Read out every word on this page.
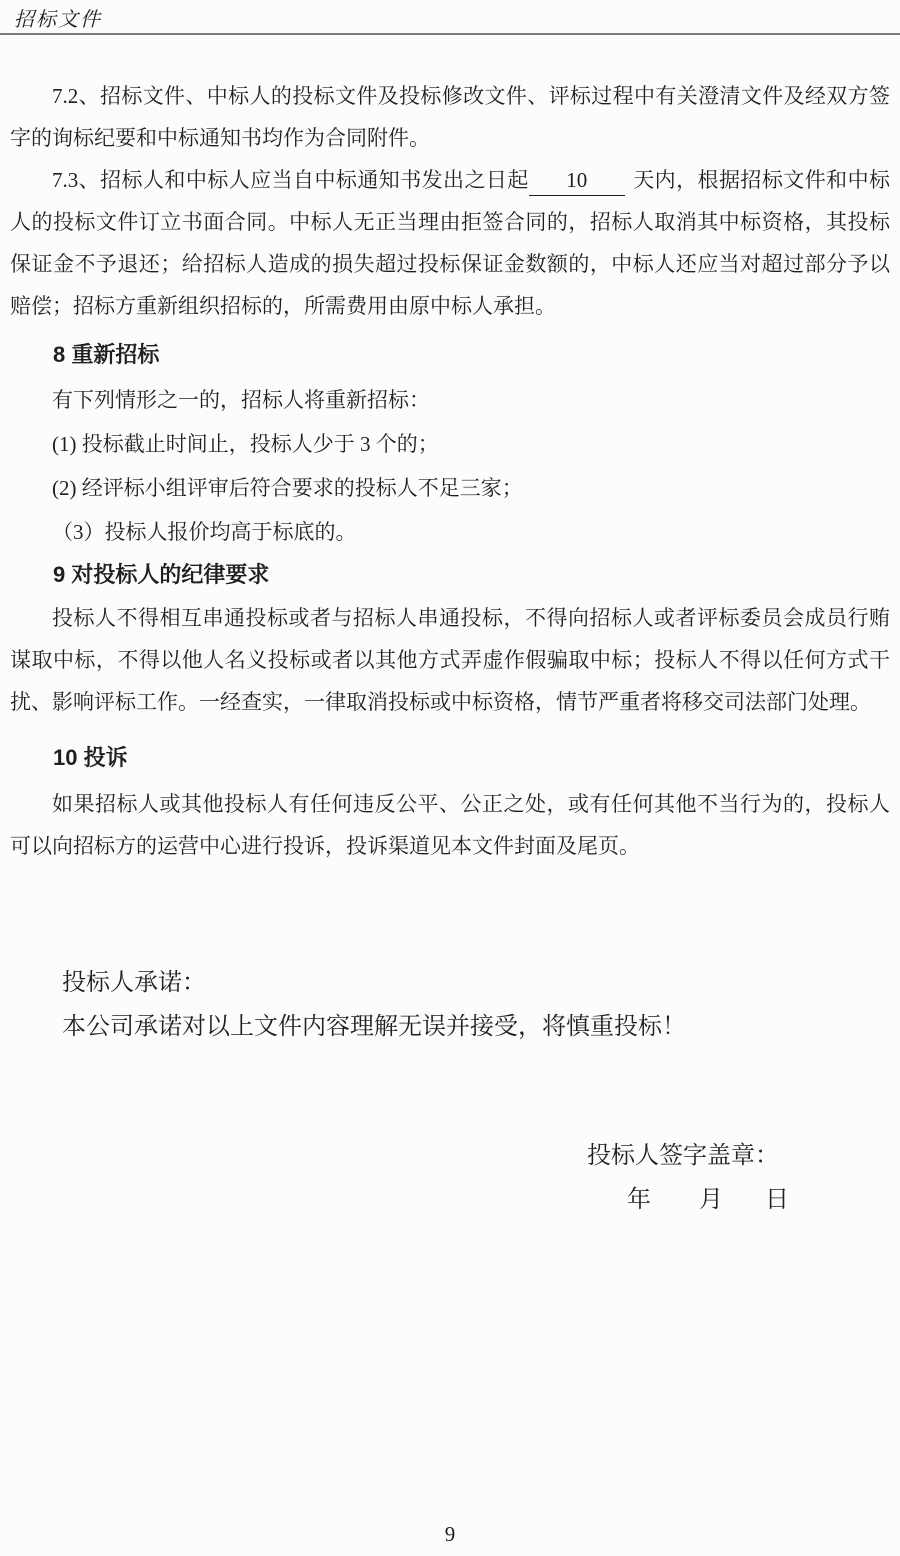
招标文件

7.2、招标文件、中标人的投标文件及投标修改文件、评标过程中有关澄清文件及经双方签字的询标纪要和中标通知书均作为合同附件。

7.3、招标人和中标人应当自中标通知书发出之日起 10 天内，根据招标文件和中标人的投标文件订立书面合同。中标人无正当理由拒签合同的，招标人取消其中标资格，其投标保证金不予退还；给招标人造成的损失超过投标保证金数额的，中标人还应当对超过部分予以赔偿；招标方重新组织招标的，所需费用由原中标人承担。

8 重新招标

有下列情形之一的，招标人将重新招标：

(1) 投标截止时间止，投标人少于 3 个的；

(2) 经评标小组评审后符合要求的投标人不足三家；

（3）投标人报价均高于标底的。

9 对投标人的纪律要求

投标人不得相互串通投标或者与招标人串通投标，不得向招标人或者评标委员会成员行贿谋取中标，不得以他人名义投标或者以其他方式弄虚作假骗取中标；投标人不得以任何方式干扰、影响评标工作。一经查实，一律取消投标或中标资格，情节严重者将移交司法部门处理。

10 投诉

如果招标人或其他投标人有任何违反公平、公正之处，或有任何其他不当行为的，投标人可以向招标方的运营中心进行投诉，投诉渠道见本文件封面及尾页。

投标人承诺：

本公司承诺对以上文件内容理解无误并接受，将慎重投标！

投标人签字盖章：

年 月 日

9
